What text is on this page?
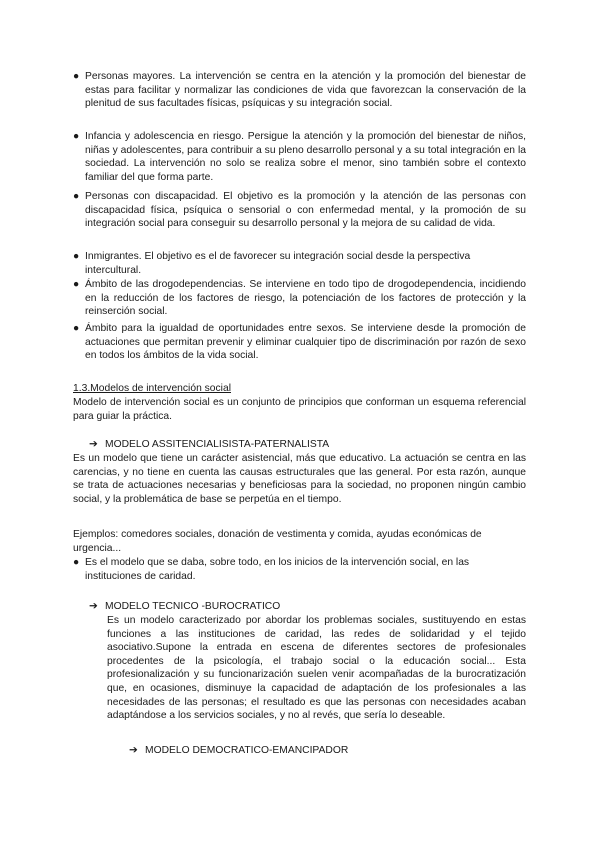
● Personas mayores. La intervención se centra en la atención y la promoción del bienestar de estas para facilitar y normalizar las condiciones de vida que favorezcan la conservación de la plenitud de sus facultades físicas, psíquicas y su integración social.

● Infancia y adolescencia en riesgo. Persigue la atención y la promoción del bienestar de niños, niñas y adolescentes, para contribuir a su pleno desarrollo personal y a su total integración en la sociedad. La intervención no solo se realiza sobre el menor, sino también sobre el contexto familiar del que forma parte.

● Personas con discapacidad. El objetivo es la promoción y la atención de las personas con discapacidad física, psíquica o sensorial o con enfermedad mental, y la promoción de su integración social para conseguir su desarrollo personal y la mejora de su calidad de vida.

● Inmigrantes. El objetivo es el de favorecer su integración social desde la perspectiva intercultural.

● Ámbito de las drogodependencias. Se interviene en todo tipo de drogodependencia, incidiendo en la reducción de los factores de riesgo, la potenciación de los factores de protección y la reinserción social.

● Ámbito para la igualdad de oportunidades entre sexos. Se interviene desde la promoción de actuaciones que permitan prevenir y eliminar cualquier tipo de discriminación por razón de sexo en todos los ámbitos de la vida social.

1.3.Modelos de intervención social
Modelo de intervención social es un conjunto de principios que conforman un esquema referencial para guiar la práctica.
➔ MODELO ASSITENCIALISISTA-PATERNALISTA
Es un modelo que tiene un carácter asistencial, más que educativo. La actuación se centra en las carencias, y no tiene en cuenta las causas estructurales que las general. Por esta razón, aunque se trata de actuaciones necesarias y beneficiosas para la sociedad, no proponen ningún cambio social, y la problemática de base se perpetúa en el tiempo.
Ejemplos: comedores sociales, donación de vestimenta y comida, ayudas económicas de urgencia...
● Es el modelo que se daba, sobre todo, en los inicios de la intervención social, en las instituciones de caridad.

➔ MODELO TECNICO -BUROCRATICO
Es un modelo caracterizado por abordar los problemas sociales, sustituyendo en estas funciones a las instituciones de caridad, las redes de solidaridad y el tejido asociativo.Supone la entrada en escena de diferentes sectores de profesionales procedentes de la psicología, el trabajo social o la educación social... Esta profesionalización y su funcionarización suelen venir acompañadas de la burocratización que, en ocasiones, disminuye la capacidad de adaptación de los profesionales a las necesidades de las personas; el resultado es que las personas con necesidades acaban adaptándose a los servicios sociales, y no al revés, que sería lo deseable.
➔ MODELO DEMOCRATICO-EMANCIPADOR
